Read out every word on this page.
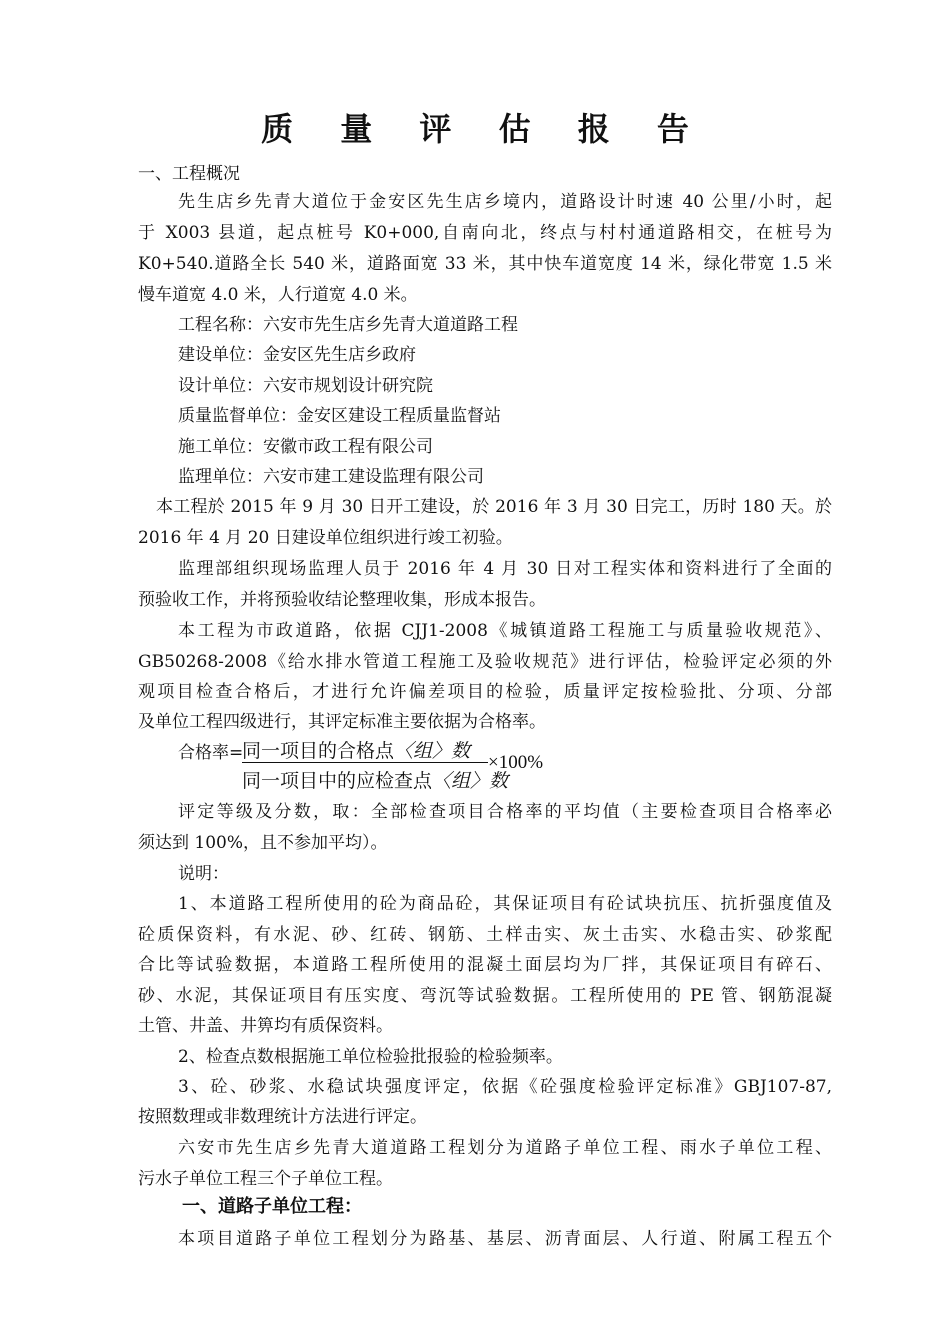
质 量 评 估 报 告
一、工程概况
先生店乡先青大道位于金安区先生店乡境内，道路设计时速 40 公里/小时，起
于 X003 县道，起点桩号 K0+000,自南向北，终点与村村通道路相交，在桩号为
K0+540.道路全长 540 米，道路面宽 33 米，其中快车道宽度 14 米，绿化带宽 1.5 米
慢车道宽 4.0 米，人行道宽 4.0 米。
工程名称：六安市先生店乡先青大道道路工程
建设单位：金安区先生店乡政府
设计单位：六安市规划设计研究院
质量监督单位：金安区建设工程质量监督站
施工单位：安徽市政工程有限公司
监理单位：六安市建工建设监理有限公司
本工程於 2015 年 9 月 30 日开工建设，於 2016 年 3 月 30 日完工，历时 180 天。於
2016 年 4 月 20 日建设单位组织进行竣工初验。
监理部组织现场监理人员于 2016 年 4 月 30 日对工程实体和资料进行了全面的
预验收工作，并将预验收结论整理收集，形成本报告。
本工程为市政道路，依据 CJJ1-2008《城镇道路工程施工与质量验收规范》、
GB50268-2008《给水排水管道工程施工及验收规范》进行评估，检验评定必须的外
观项目检查合格后，才进行允许偏差项目的检验，质量评定按检验批、分项、分部
及单位工程四级进行，其评定标准主要依据为合格率。
合格率=
同一项目的合格点〈组〉数
同一项目中的应检查点〈组〉数
×100%
评定等级及分数，取：全部检查项目合格率的平均值（主要检查项目合格率必
须达到 100%，且不参加平均）。
说明：
1、本道路工程所使用的砼为商品砼，其保证项目有砼试块抗压、抗折强度值及
砼质保资料，有水泥、砂、红砖、钢筋、土样击实、灰土击实、水稳击实、砂浆配
合比等试验数据，本道路工程所使用的混凝土面层均为厂拌，其保证项目有碎石、
砂、水泥，其保证项目有压实度、弯沉等试验数据。工程所使用的 PE 管、钢筋混凝
土管、井盖、井箅均有质保资料。
2、检查点数根据施工单位检验批报验的检验频率。
3、砼、砂浆、水稳试块强度评定，依据《砼强度检验评定标准》GBJ107-87,
按照数理或非数理统计方法进行评定。
六安市先生店乡先青大道道路工程划分为道路子单位工程、雨水子单位工程、
污水子单位工程三个子单位工程。
一、道路子单位工程：
本项目道路子单位工程划分为路基、基层、沥青面层、人行道、附属工程五个
